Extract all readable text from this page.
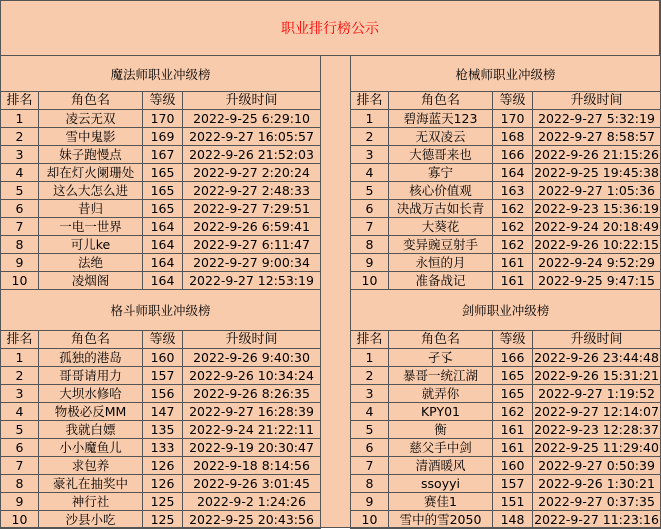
职业排行榜公示
魔法师职业冲级榜
排名	角色名	等级	升级时间
1	凌云无双	170	2022-9-25 6:29:10
2	雪中鬼影	169	2022-9-27 16:05:57
3	妹子跑慢点	167	2022-9-26 21:52:03
4	却在灯火阑珊处	165	2022-9-27 2:20:24
5	这么大怎么进	165	2022-9-27 2:48:33
6	昔归	165	2022-9-27 7:29:51
7	一电一世界	164	2022-9-26 6:59:41
8	可儿ke	164	2022-9-27 6:11:47
9	法绝	164	2022-9-27 9:00:34
10	凌烟阁	164	2022-9-27 12:53:19
枪械师职业冲级榜
排名	角色名	等级	升级时间
1	碧海蓝天123	170	2022-9-27 5:32:19
2	无双凌云	168	2022-9-27 8:58:57
3	大德哥来也	166	2022-9-26 21:15:26
4	寡宁	164	2022-9-25 19:45:38
5	核心价值观	163	2022-9-27 1:05:36
6	决战万古如长青	162	2022-9-23 15:36:19
7	大葵花	162	2022-9-24 20:18:49
8	变异豌豆射手	162	2022-9-26 10:22:15
9	永恒的月	161	2022-9-24 9:52:29
10	准备战记	161	2022-9-25 9:47:15
格斗师职业冲级榜
排名	角色名	等级	升级时间
1	孤独的港岛	160	2022-9-26 9:40:30
2	哥哥请用力	157	2022-9-26 10:34:24
3	大坝水修哈	156	2022-9-26 8:26:35
4	物极必反MM	147	2022-9-27 16:28:39
5	我就白嫖	135	2022-9-24 21:22:11
6	小小魔鱼儿	133	2022-9-19 20:30:47
7	求包养	126	2022-9-18 8:14:56
8	豪礼在抽奖中	126	2022-9-26 3:01:45
9	神行社	125	2022-9-2 1:24:26
10	沙县小吃	125	2022-9-25 20:43:56
剑师职业冲级榜
排名	角色名	等级	升级时间
1	孑孓	166	2022-9-26 23:44:48
2	暴哥一统江湖	165	2022-9-26 15:31:21
3	就弄你	165	2022-9-27 1:19:52
4	KPY01	162	2022-9-27 12:14:07
5	衡	161	2022-9-23 12:28:37
6	慈父手中剑	161	2022-9-25 11:29:40
7	清酒暖风	160	2022-9-27 0:50:39
8	ssoyyi	157	2022-9-26 1:30:21
9	赛佳1	151	2022-9-27 0:37:35
10	雪中的雪2050	148	2022-9-27 11:23:16
